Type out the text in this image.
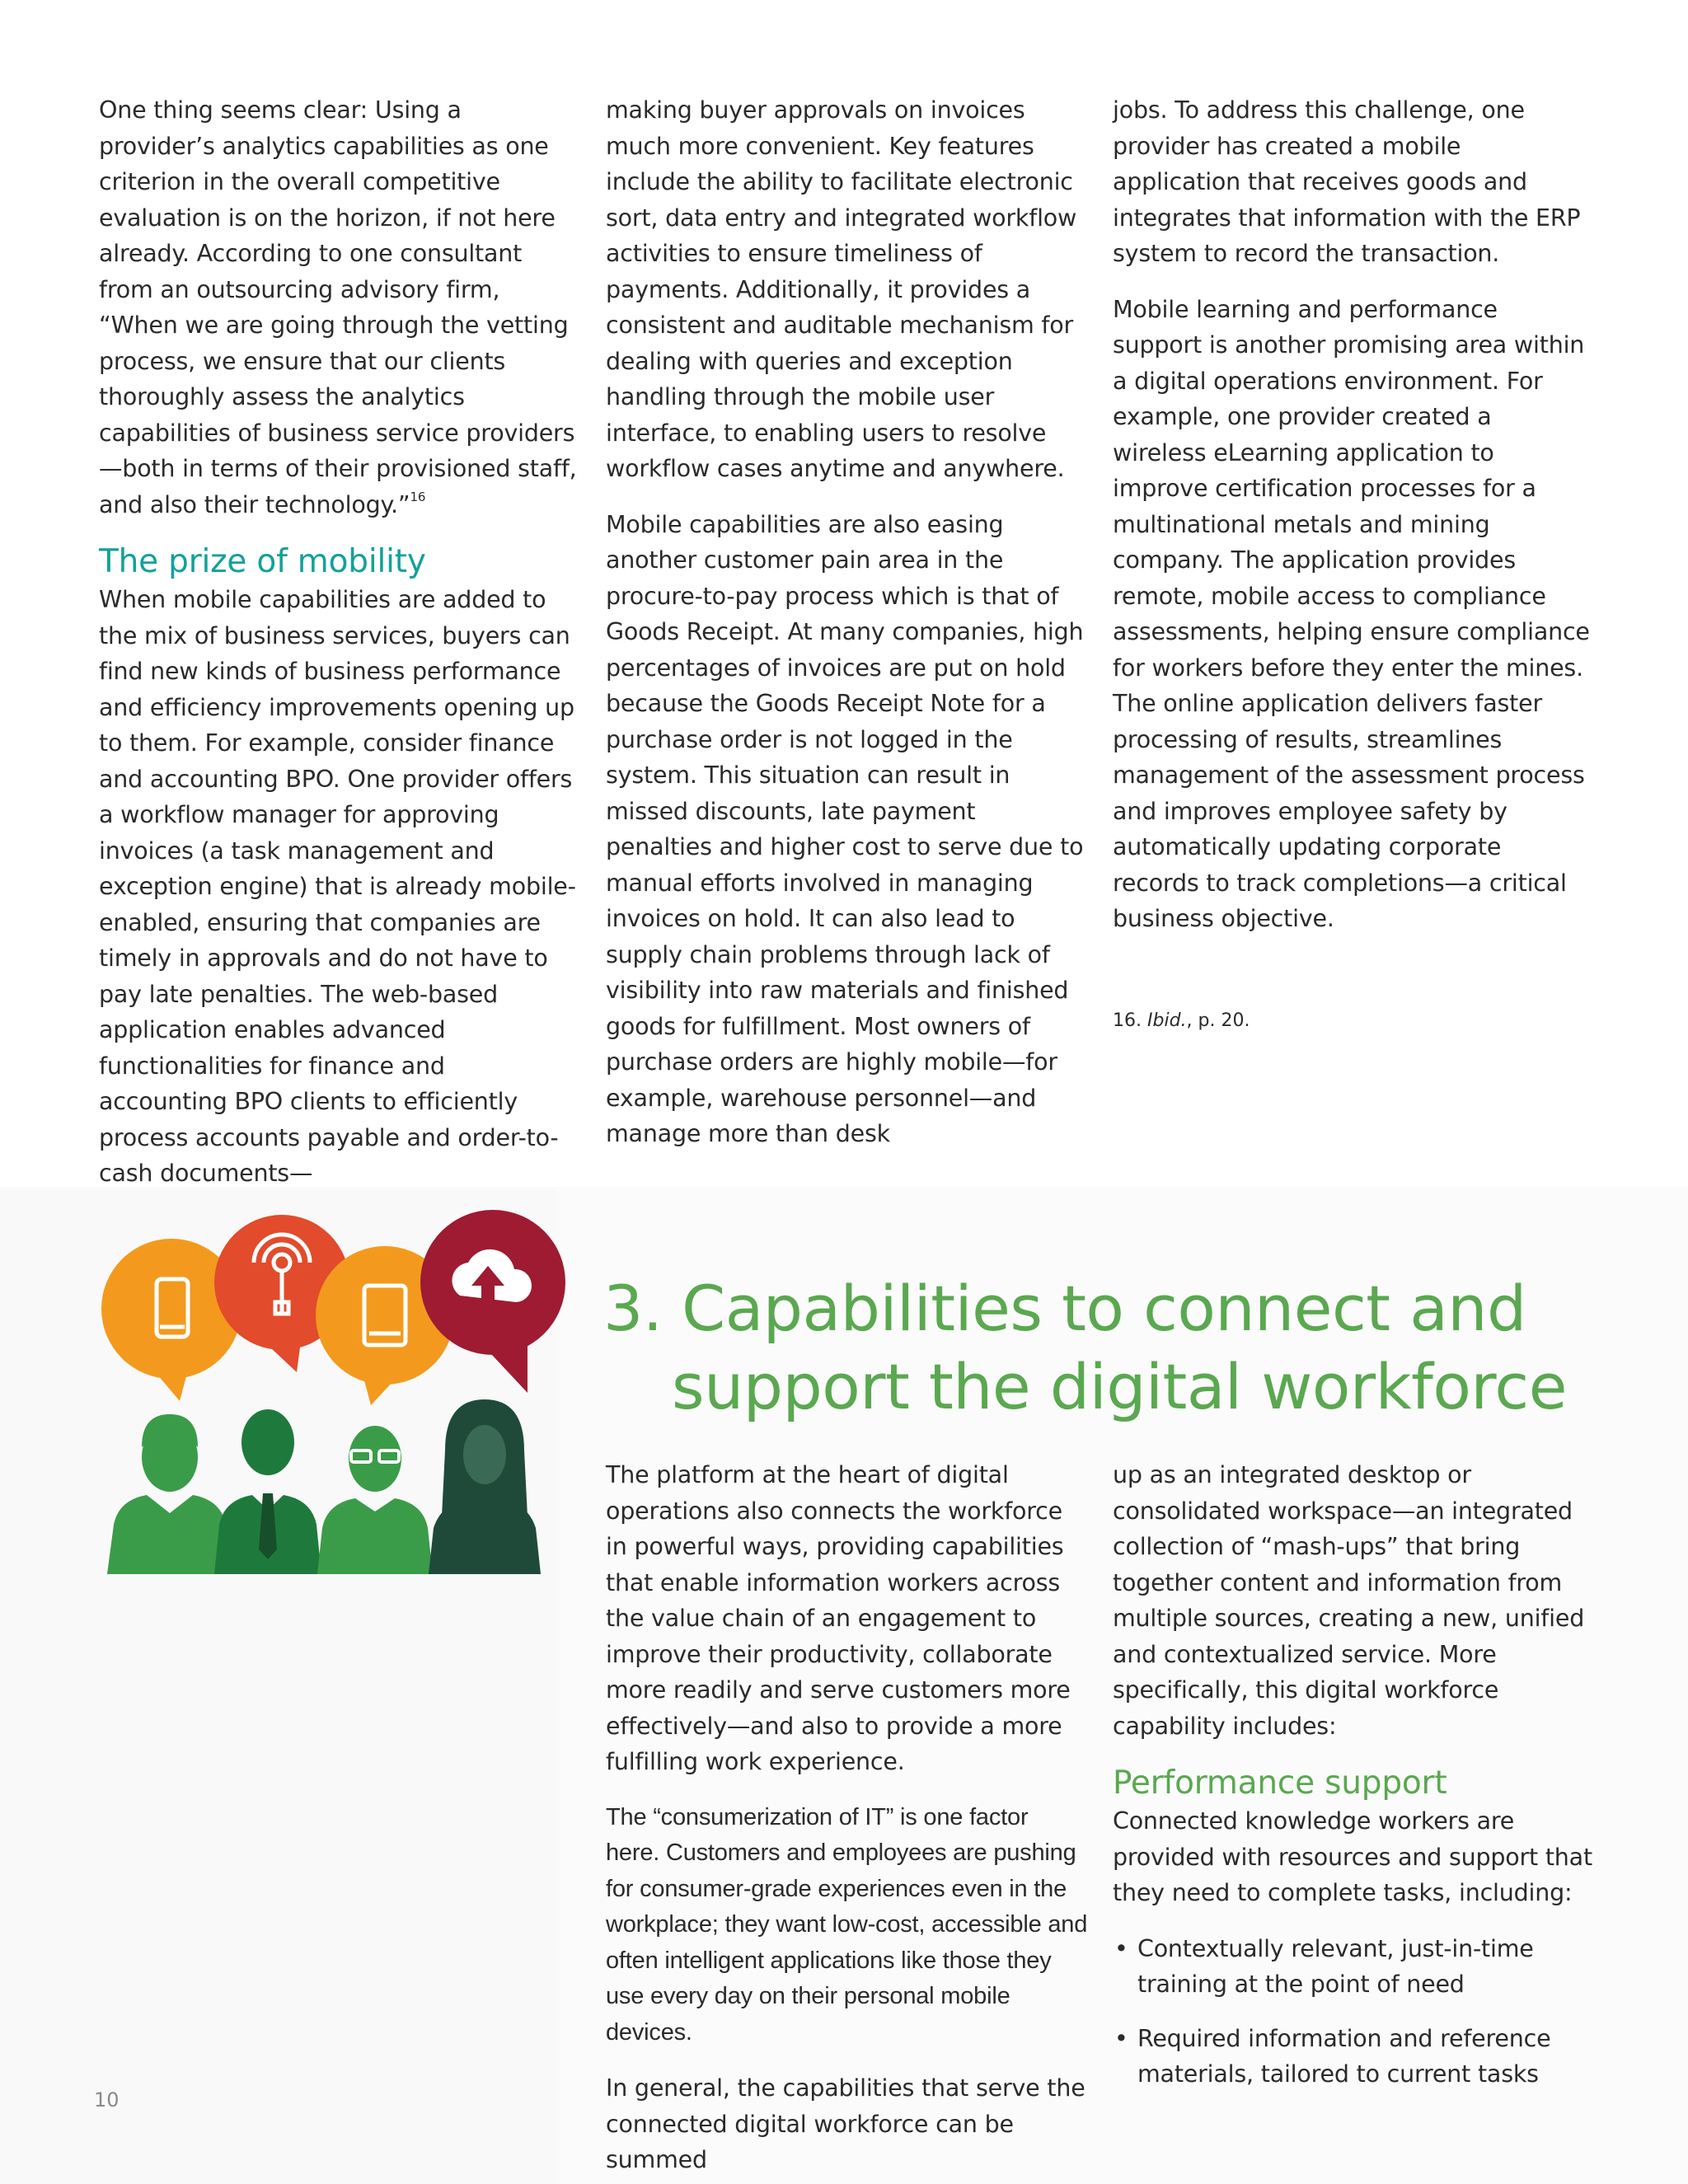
One thing seems clear: Using a provider’s analytics capabilities as one criterion in the overall competitive evaluation is on the horizon, if not here already. According to one consultant from an outsourcing advisory firm, “When we are going through the vetting process, we ensure that our clients thoroughly assess the analytics capabilities of business service providers—both in terms of their provisioned staff, and also their technology.”$^{16}$

The prize of mobility

When mobile capabilities are added to the mix of business services, buyers can find new kinds of business performance and efficiency improvements opening up to them. For example, consider finance and accounting BPO. One provider offers a workflow manager for approving invoices (a task management and exception engine) that is already mobile-enabled, ensuring that companies are timely in approvals and do not have to pay late penalties. The web-based application enables advanced functionalities for finance and accounting BPO clients to efficiently process accounts payable and order-to-cash documents—

making buyer approvals on invoices much more convenient. Key features include the ability to facilitate electronic sort, data entry and integrated workflow activities to ensure timeliness of payments. Additionally, it provides a consistent and auditable mechanism for dealing with queries and exception handling through the mobile user interface, to enabling users to resolve workflow cases anytime and anywhere.

Mobile capabilities are also easing another customer pain area in the procure-to-pay process which is that of Goods Receipt. At many companies, high percentages of invoices are put on hold because the Goods Receipt Note for a purchase order is not logged in the system. This situation can result in missed discounts, late payment penalties and higher cost to serve due to manual efforts involved in managing invoices on hold. It can also lead to supply chain problems through lack of visibility into raw materials and finished goods for fulfillment. Most owners of purchase orders are highly mobile—for example, warehouse personnel—and manage more than desk

jobs. To address this challenge, one provider has created a mobile application that receives goods and integrates that information with the ERP system to record the transaction.

Mobile learning and performance support is another promising area within a digital operations environment. For example, one provider created a wireless eLearning application to improve certification processes for a multinational metals and mining company. The application provides remote, mobile access to compliance assessments, helping ensure compliance for workers before they enter the mines. The online application delivers faster processing of results, streamlines management of the assessment process and improves employee safety by automatically updating corporate records to track completions—a critical business objective.

16. Ibid., p. 20.
3. Capabilities to connect and
support the digital workforce

The platform at the heart of digital operations also connects the workforce in powerful ways, providing capabilities that enable information workers across the value chain of an engagement to improve their productivity, collaborate more readily and serve customers more effectively—and also to provide a more fulfilling work experience.

The “consumerization of IT” is one factor here. Customers and employees are pushing for consumer-grade experiences even in the workplace; they want low-cost, accessible and often intelligent applications like those they use every day on their personal mobile devices.

In general, the capabilities that serve the connected digital workforce can be summed

up as an integrated desktop or consolidated workspace—an integrated collection of “mash-ups” that bring together content and information from multiple sources, creating a new, unified and contextualized service. More specifically, this digital workforce capability includes:

Performance support

Connected knowledge workers are provided with resources and support that they need to complete tasks, including:

• Contextually relevant, just-in-time training at the point of need
• Required information and reference materials, tailored to current tasks
10
